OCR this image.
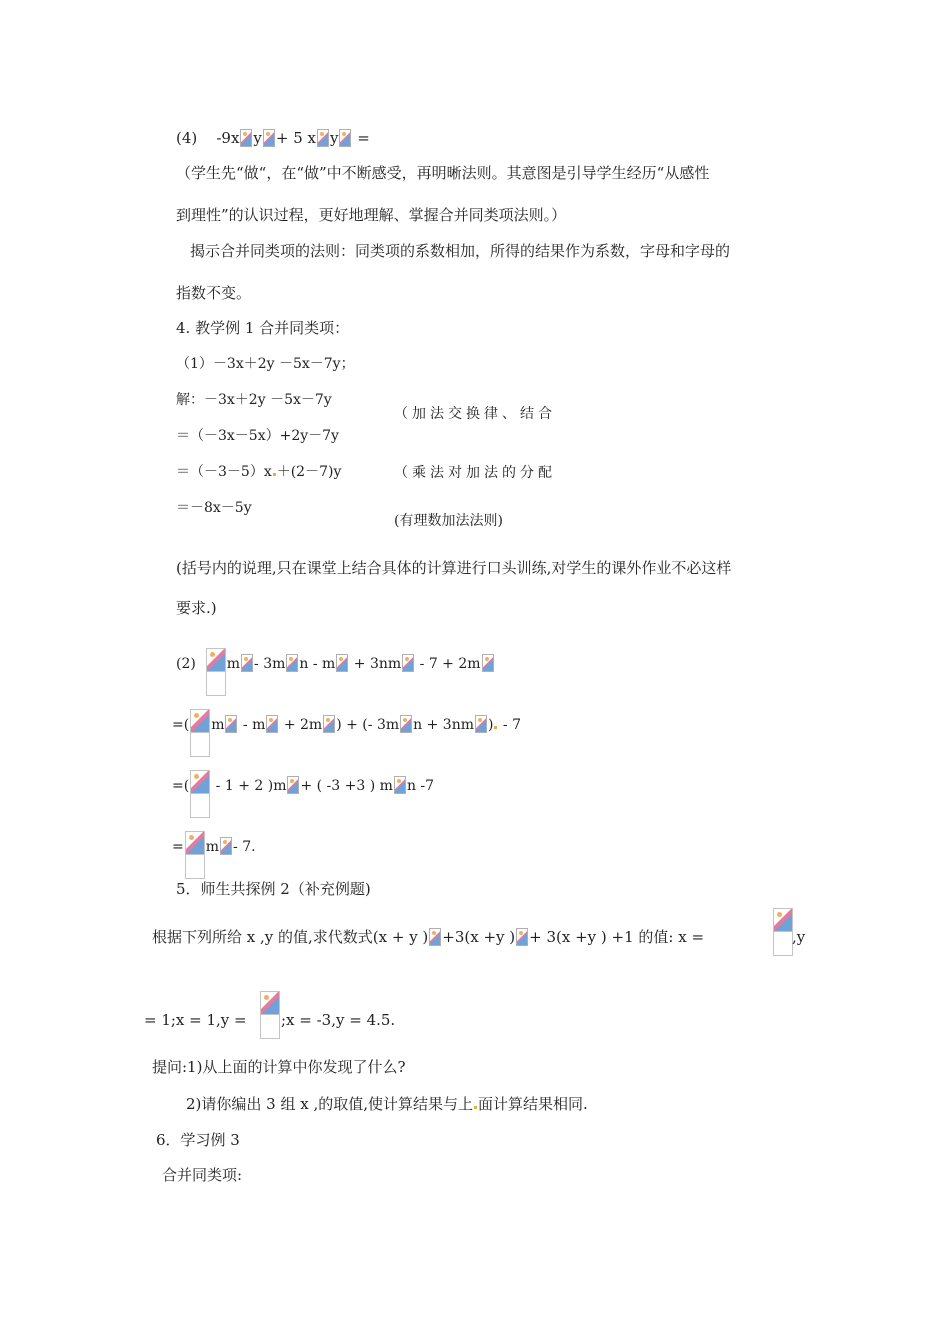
(4) -9x y + 5 x y =
（学生先“做“，在“做”中不断感受，再明晰法则。其意图是引导学生经历“从感性
到理性”的认识过程，更好地理解、掌握合并同类项法则。）
揭示合并同类项的法则：同类项的系数相加，所得的结果作为系数，字母和字母的
指数不变。
4. 教学例 1 合并同类项：
（1）－3x＋2y －5x－7y；
解：－3x＋2y －5x－7y
＝（－3x－5x）+2y－7y
＝（－3－5）x ＋(2－7)y
＝－8x－5y
（加法交换律、结合
（乘法对加法的分配
(有理数加法法则)
(括号内的说理,只在课堂上结合具体的计算进行口头训练,对学生的课外作业不必这样
要求.)
(2) m - 3m n - m + 3nm - 7 + 2m
=( m - m + 2m ) + (- 3m n + 3nm ) - 7
=( - 1 + 2 )m + ( -3 +3 ) m n -7
= m - 7.
5．师生共探例 2（补充例题)
根据下列所给 x ,y 的值,求代数式(x + y ) +3(x +y ) + 3(x +y ) +1 的值: x =	,y
= 1;x = 1,y = ;x = -3,y = 4.5.
提问:1)从上面的计算中你发现了什么?
2)请你编出 3 组 x ,的取值,使计算结果与上 面计算结果相同.
6．学习例 3
合并同类项:
